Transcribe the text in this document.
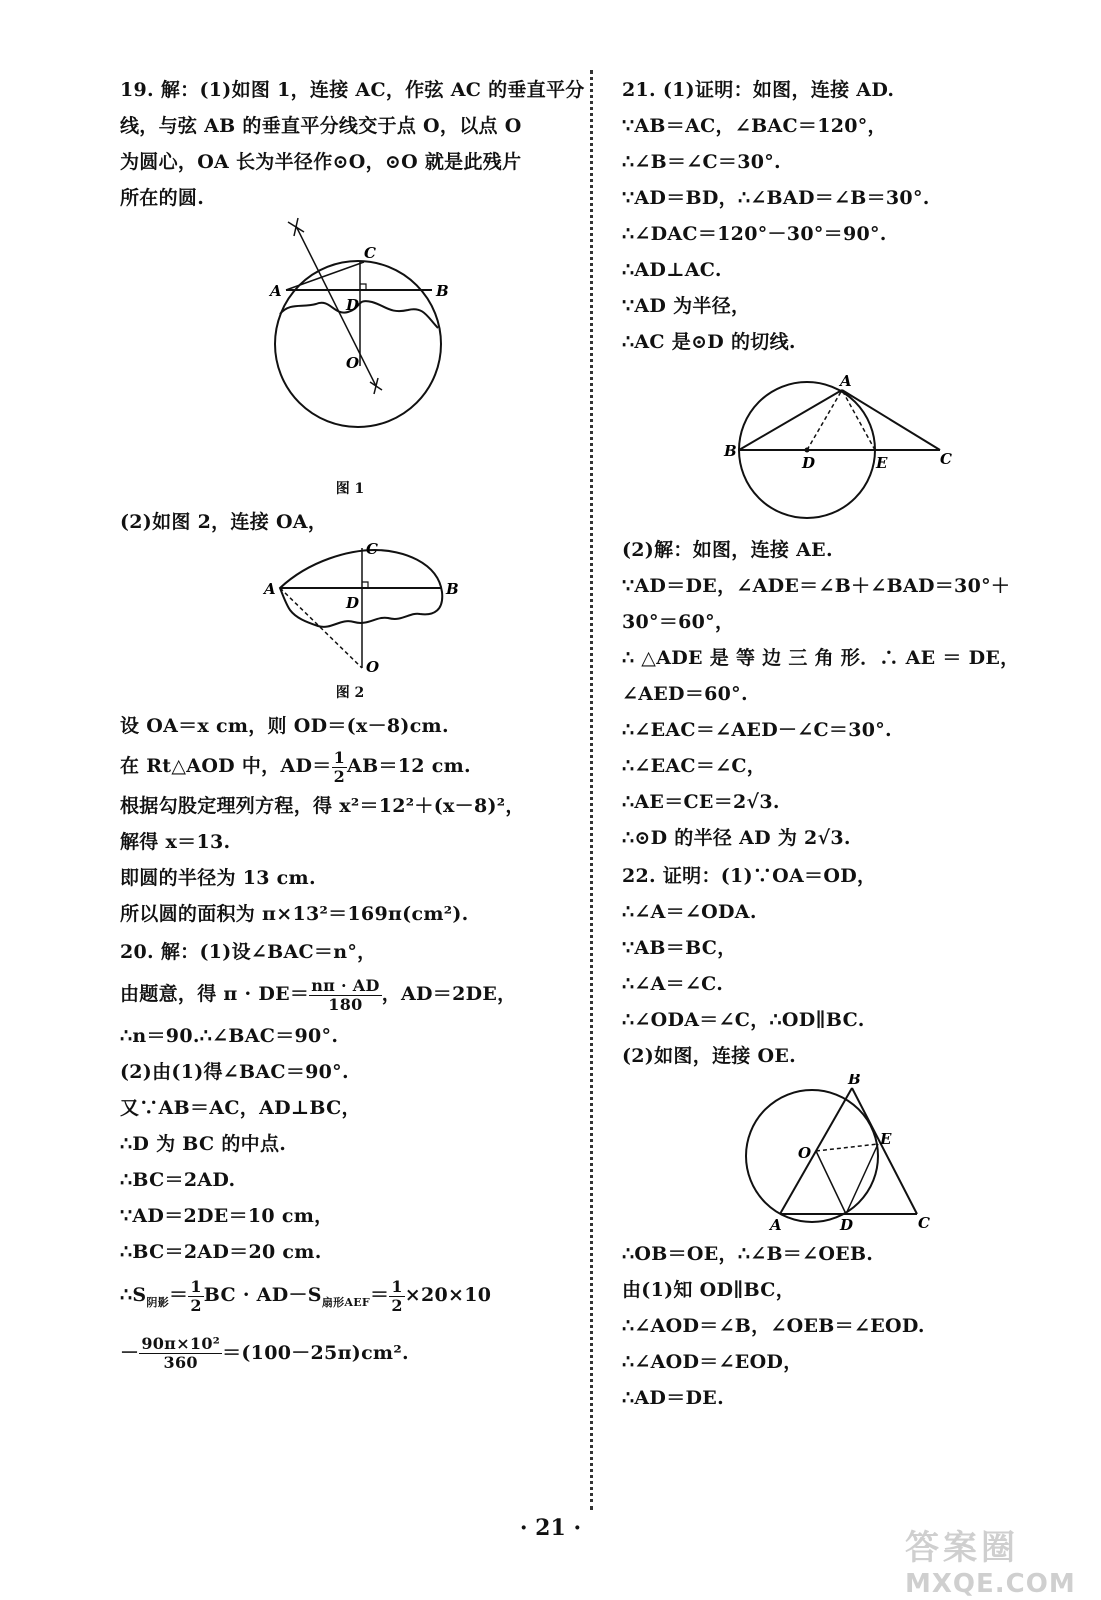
19. 解：(1)如图 1，连接 AC，作弦 AC 的垂直平分
线，与弦 AB 的垂直平分线交于点 O，以点 O
为圆心，OA 长为半径作⊙O，⊙O 就是此残片
所在的圆.
A	B
C
D
O
图 1
(2)如图 2，连接 OA，
A	B
C
D
O
图 2
设 OA＝x cm，则 OD＝(x－8)cm.
在 Rt△AOD 中，$AD= \frac{1}{2} AB=12$ cm.
根据勾股定理列方程，得 x²＝12²＋(x－8)²，
解得 x＝13.
即圆的半径为 13 cm.
所以圆的面积为 π×13²＝169π(cm²).
20. 解：(1)设∠BAC＝n°，
由题意，得 $\pi \cdot DE= \frac{n\pi \cdot AD}{180}$ ，AD＝2DE，
∴n＝90.∴∠BAC＝90°.
(2)由(1)得∠BAC＝90°.
又∵AB＝AC，AD⊥BC，
∴D 为 BC 的中点.
∴BC＝2AD.
∵AD＝2DE＝10 cm，
∴BC＝2AD＝20 cm.
$\therefore S_{阴影}= \frac{1}{2}$ BC · $AD-S_{扇形AEF}= \frac{1}{2} \times 20\times 10$
－ $\frac{\text{90π×10²}}{360} =(100-25\pi)cm^2$.
21. (1)证明：如图，连接 AD.
∵AB＝AC，∠BAC＝120°，
∴∠B＝∠C＝30°.
∵AD＝BD，∴∠BAD＝∠B＝30°.
∴∠DAC＝120°－30°＝90°.
∴AD⊥AC.
∵AD 为半径，
∴AC 是⊙D 的切线.
A
B	C
D	E
(2)解：如图，连接 AE.
∵AD＝DE，∠ADE＝∠B＋∠BAD＝30°＋
30°＝60°，
∴ △ADE 是 等 边 三 角 形．∴ AE ＝ DE，
∠AED＝60°.
∴∠EAC＝∠AED－∠C＝30°.
∴∠EAC＝∠C，
∴AE＝CE＝2√3.
∴⊙D 的半径 AD 为 2√3.
22. 证明：(1)∵OA＝OD，
∴∠A＝∠ODA.
∵AB＝BC，
∴∠A＝∠C.
∴∠ODA＝∠C，∴OD∥BC.
(2)如图，连接 OE.
B
O
E
A	D	C
∴OB＝OE，∴∠B＝∠OEB.
由(1)知 OD∥BC，
∴∠AOD＝∠B，∠OEB＝∠EOD.
∴∠AOD＝∠EOD，
∴AD＝DE.
· 21 ·	答案圈
MXQE.COM
